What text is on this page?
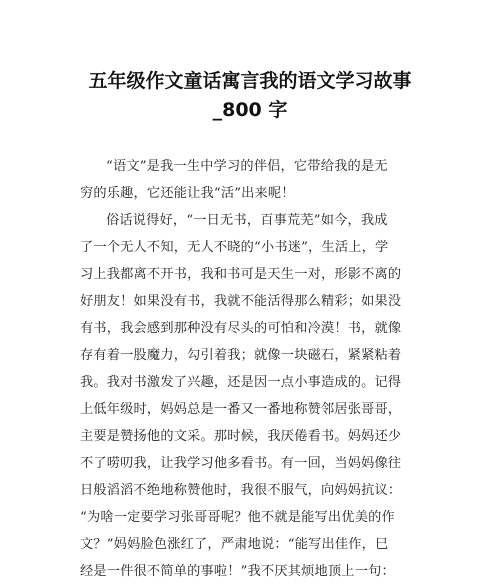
五年级作文童话寓言我的语文学习故事
_800 字
“语文”是我一生中学习的伴侣，它带给我的是无
穷的乐趣，它还能让我“活”出来呢！
俗话说得好，“一日无书，百事荒芜”如今，我成
了一个无人不知，无人不晓的“小书迷”，生活上，学
习上我都离不开书，我和书可是天生一对，形影不离的
好朋友！如果没有书，我就不能活得那么精彩；如果没
有书，我会感到那种没有尽头的可怕和冷漠！书，就像
存有着一股魔力，勾引着我；就像一块磁石，紧紧粘着
我。我对书激发了兴趣，还是因一点小事造成的。记得
上低年级时，妈妈总是一番又一番地称赞邻居张哥哥，
主要是赞扬他的文采。那时候，我厌倦看书。妈妈还少
不了唠叨我，让我学习他多看书。有一回，当妈妈像往
日般滔滔不绝地称赞他时，我很不服气，向妈妈抗议：
“为啥一定要学习张哥哥呢？他不就是能写出优美的作
文？”妈妈脸色涨红了，严肃地说：“能写出佳作，巳
经是一件很不简单的事啦！”我不厌其烦地顶上一句：
